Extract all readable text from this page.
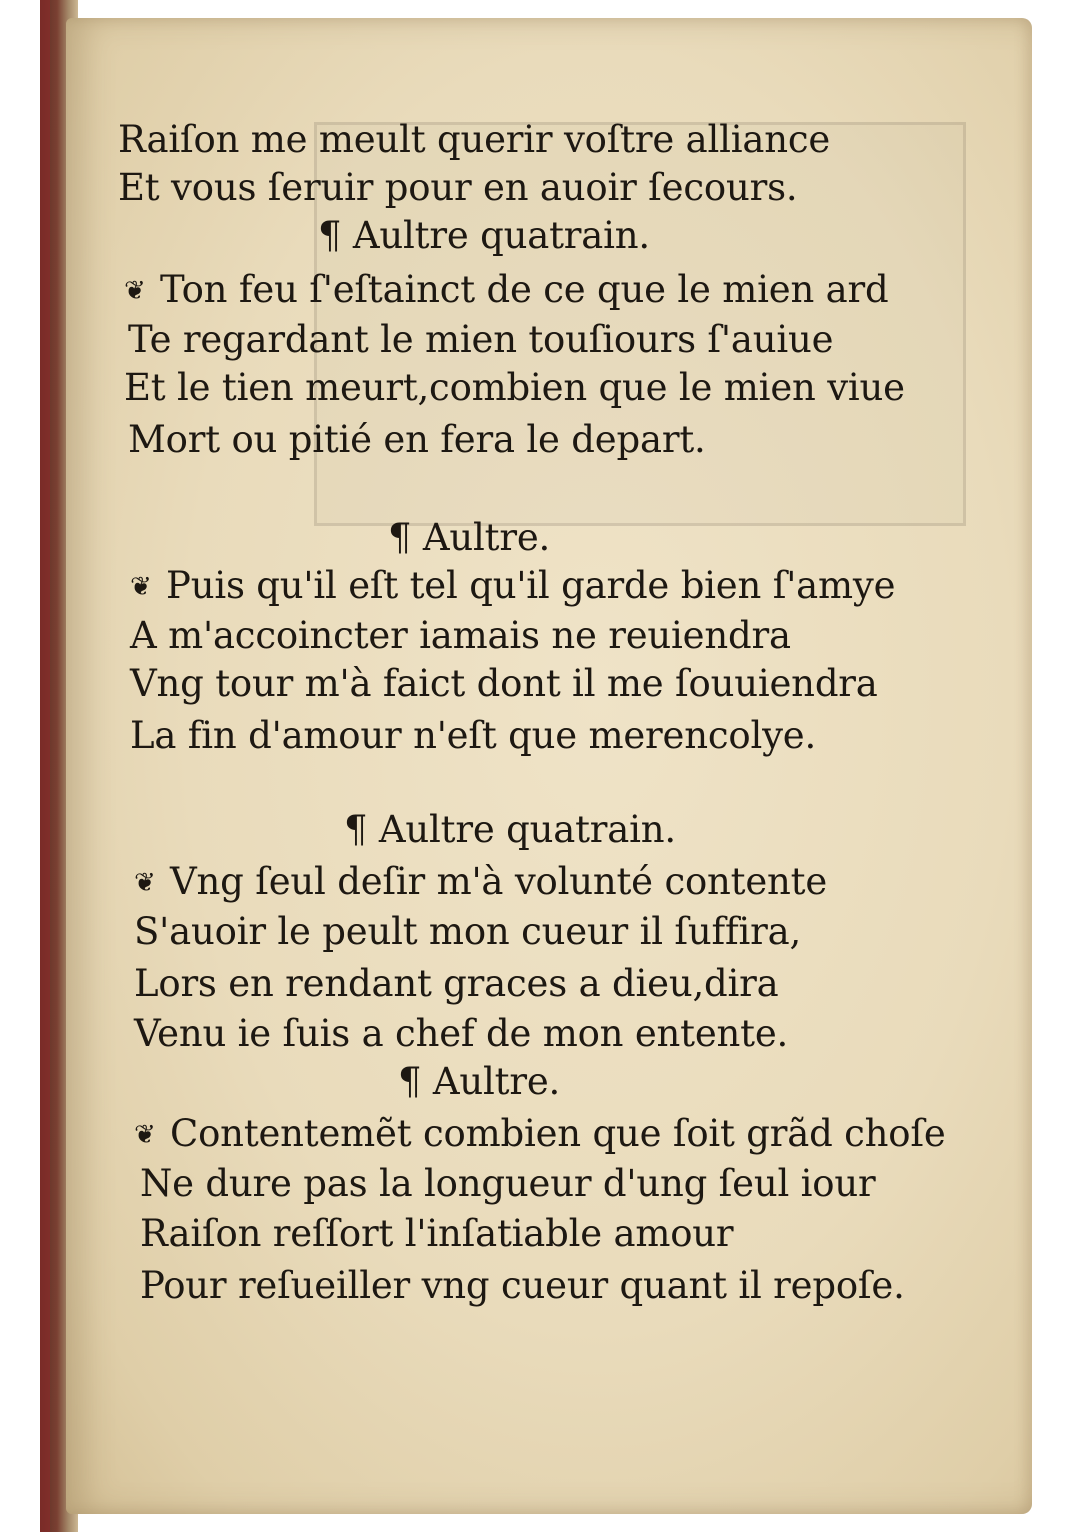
Raiſon me meult querir voſtre alliance
Et vous ſeruir pour en auoir ſecours.
¶ Aultre quatrain.
❦ Ton feu ſ'eſtainct de ce que le mien ard
Te regardant le mien touſiours ſ'auiue
Et le tien meurt,combien que le mien viue
Mort ou pitié en fera le depart.
¶ Aultre.
❦ Puis qu'il eſt tel qu'il garde bien ſ'amye
A m'accoincter iamais ne reuiendra
Vng tour m'à faict dont il me ſouuiendra
La fin d'amour n'eſt que merencolye.
¶ Aultre quatrain.
❦ Vng ſeul deſir m'à volunté contente
S'auoir le peult mon cueur il ſuffira,
Lors en rendant graces a dieu,dira
Venu ie ſuis a chef de mon entente.
¶ Aultre.
❦ Contentemẽt combien que ſoit grãd choſe
Ne dure pas la longueur d'ung ſeul iour
Raiſon reſſort l'inſatiable amour
Pour reſueiller vng cueur quant il repoſe.
